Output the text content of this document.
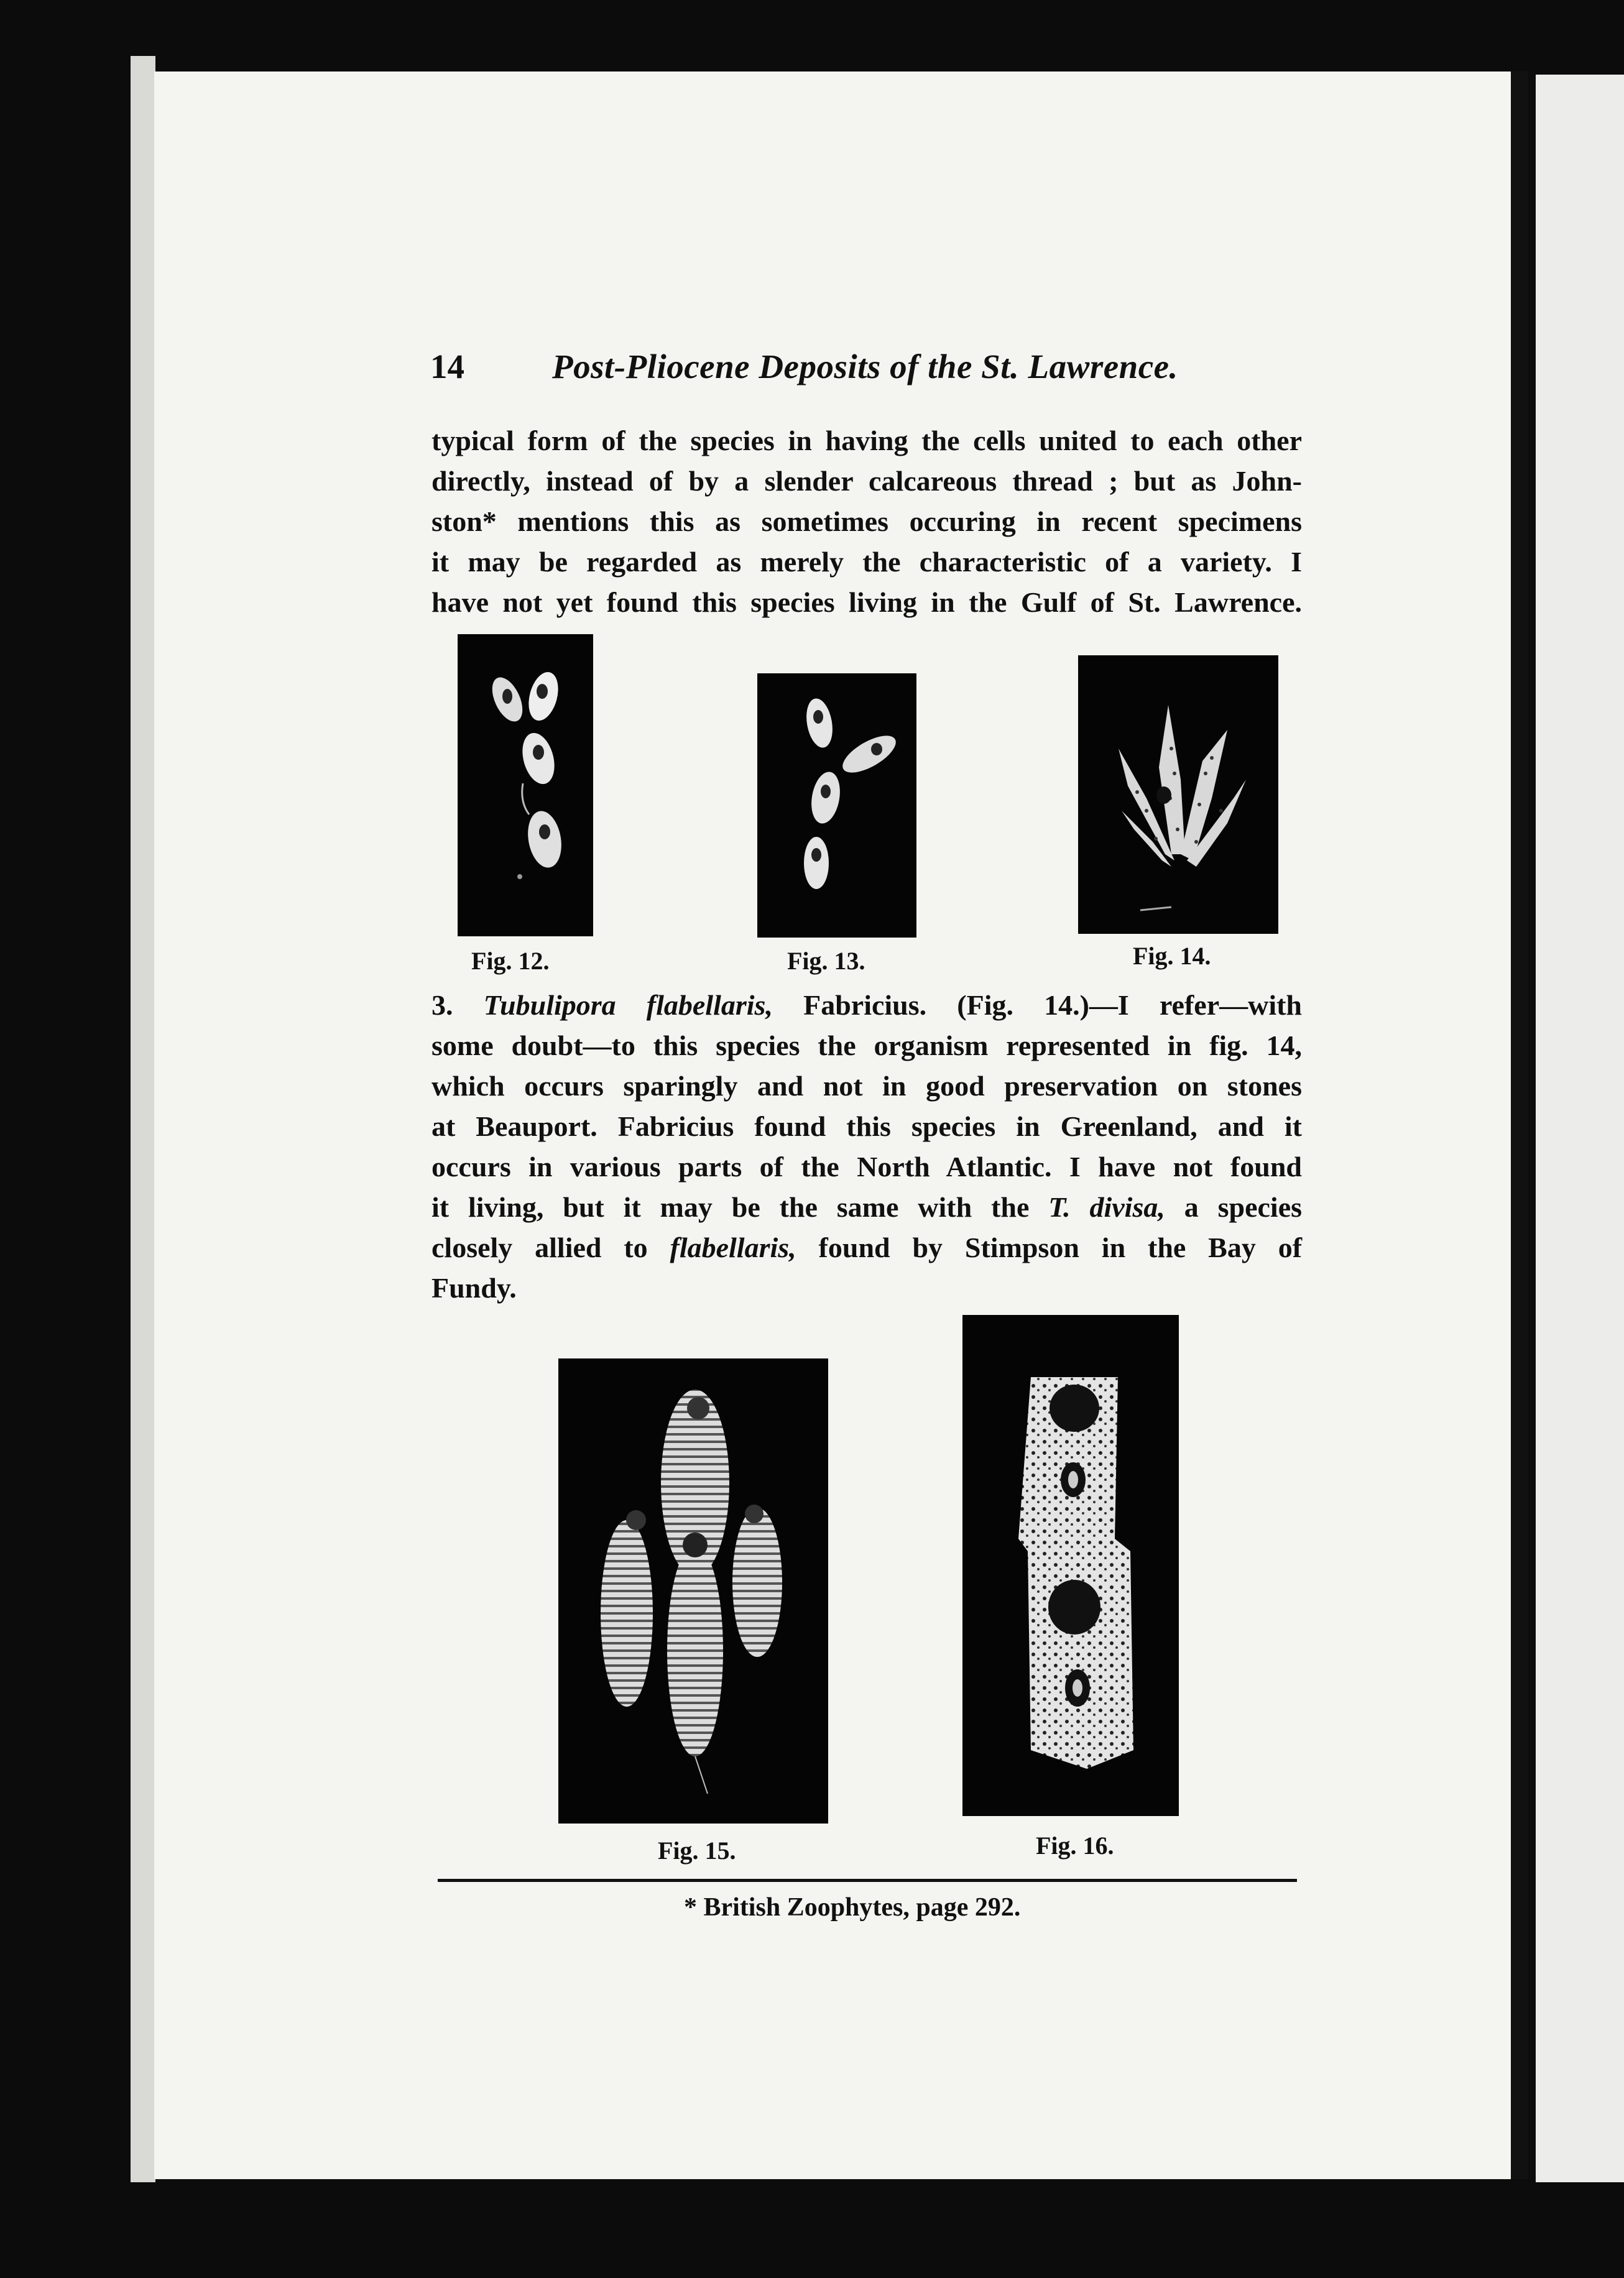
14	Post-Pliocene Deposits of the St. Lawrence.
typical form of the species in having the cells united to each other
directly, instead of by a slender calcareous thread ; but as John-
ston* mentions this as sometimes occuring in recent specimens
it may be regarded as merely the characteristic of a variety. I
have not yet found this species living in the Gulf of St. Lawrence.
Fig. 12.	Fig. 13.	Fig. 14.
3. Tubulipora flabellaris, Fabricius. (Fig. 14.)—I refer—with
some doubt—to this species the organism represented in fig. 14,
which occurs sparingly and not in good preservation on stones
at Beauport. Fabricius found this species in Greenland, and it
occurs in various parts of the North Atlantic. I have not found
it living, but it may be the same with the T. divisa, a species
closely allied to flabellaris, found by Stimpson in the Bay of
Fundy.
Fig. 15.	Fig. 16.
* British Zoophytes, page 292.
